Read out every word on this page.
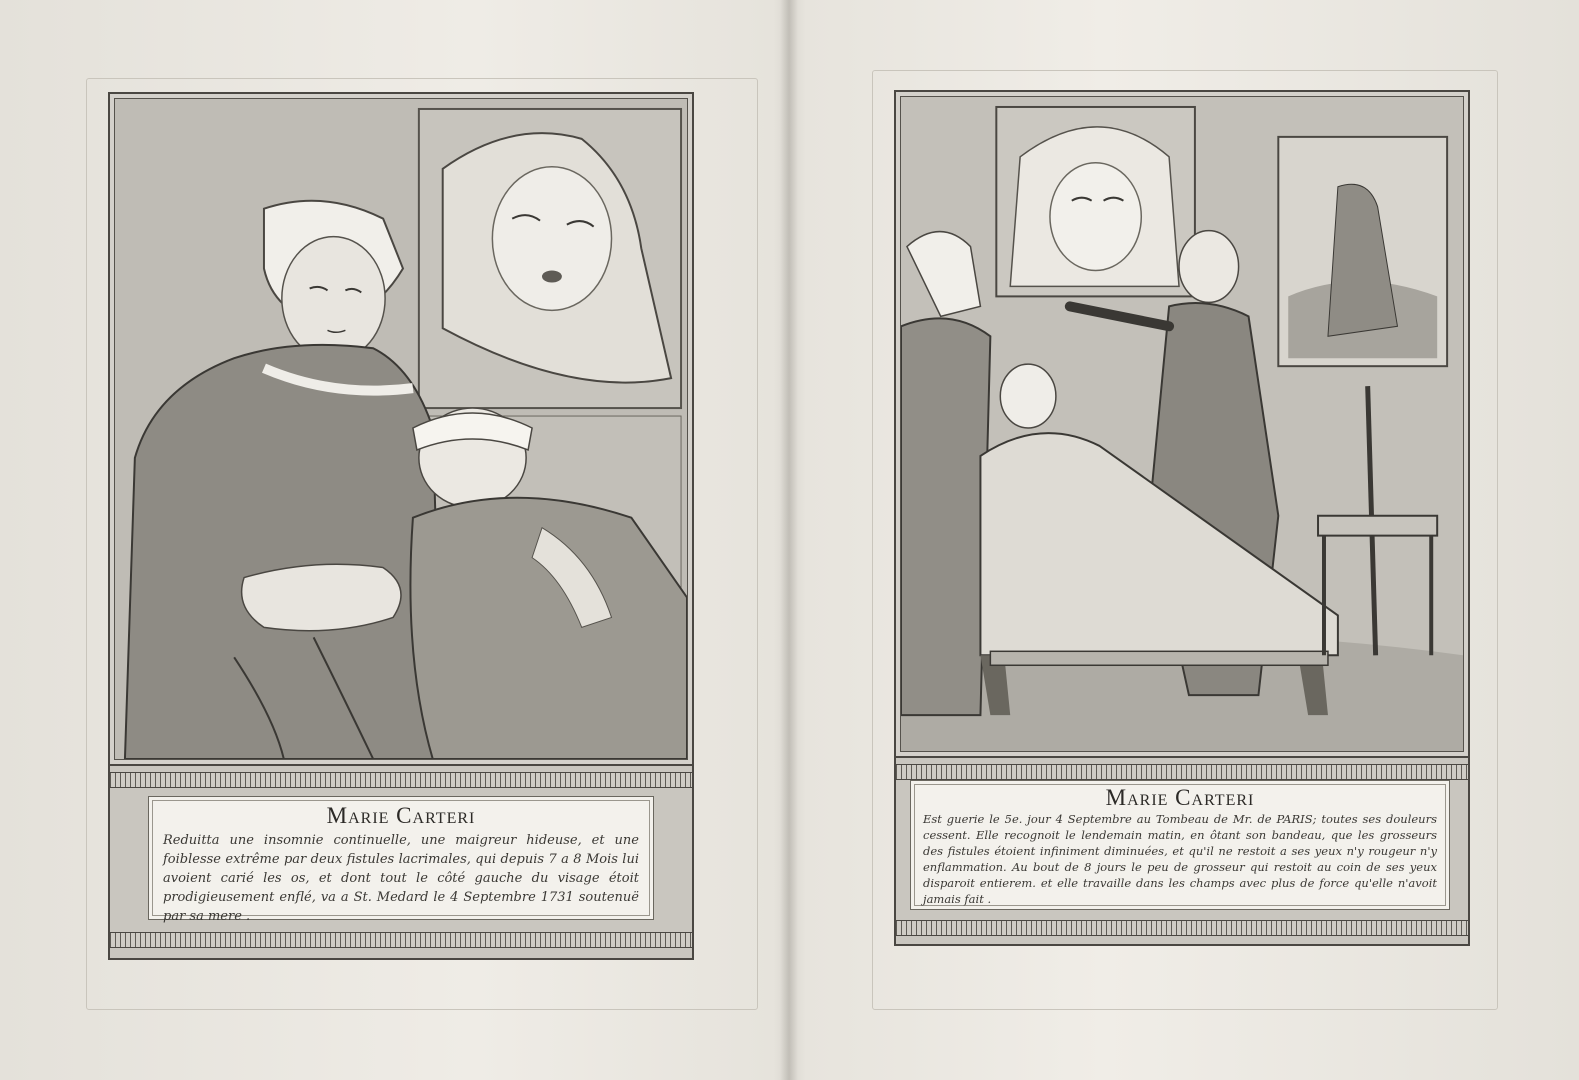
Marie Carteri
Reduitta une insomnie continuelle, une maigreur hideuse, et une foiblesse extrême par deux fistules lacrimales, qui depuis 7 a 8 Mois lui avoient carié les os, et dont tout le côté gauche du visage étoit prodigieusement enflé, va a St. Medard le 4 Septembre 1731 soutenuë par sa mere .
Marie Carteri
Est guerie le 5e. jour 4 Septembre au Tombeau de Mr. de PARIS; toutes ses douleurs cessent. Elle recognoit le lendemain matin, en ôtant son bandeau, que les grosseurs des fistules étoient infiniment diminuées, et qu'il ne restoit a ses yeux n'y rougeur n'y enflammation. Au bout de 8 jours le peu de grosseur qui restoit au coin de ses yeux disparoit entierem. et elle travaille dans les champs avec plus de force qu'elle n'avoit jamais fait .
